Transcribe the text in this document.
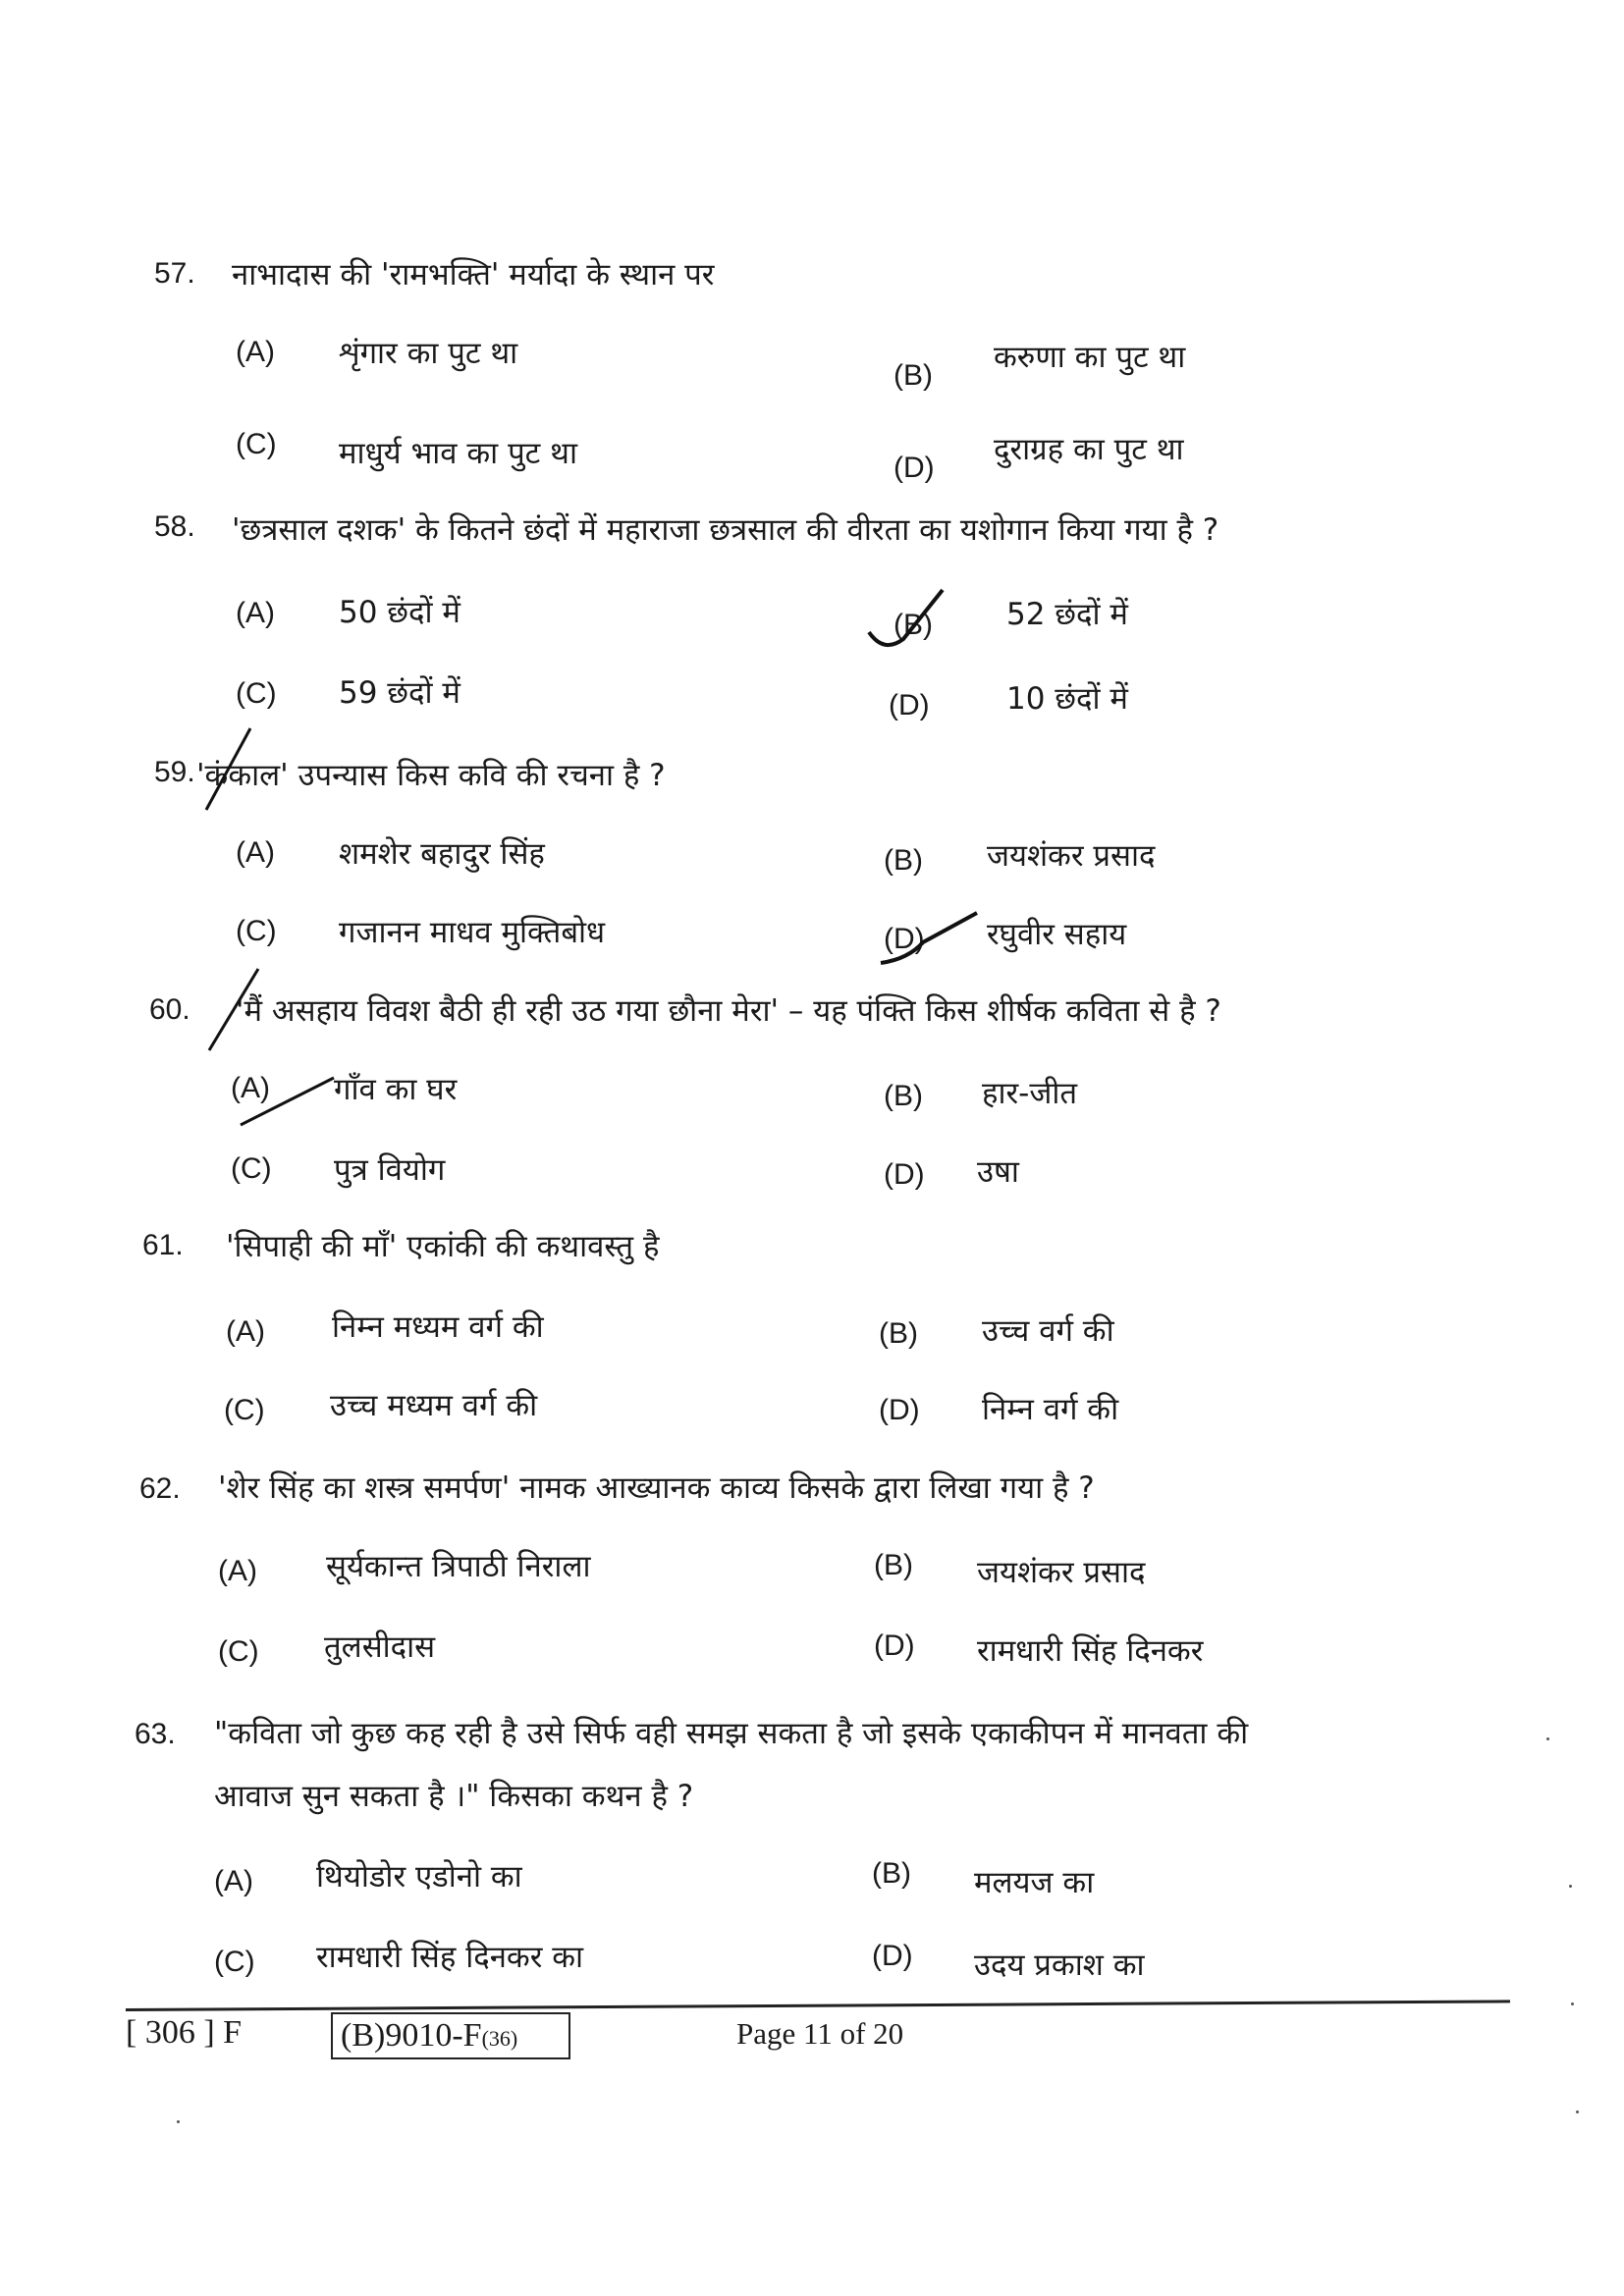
57. नाभादास की 'रामभक्ति' मर्यादा के स्थान पर
(A) शृंगार का पुट था
(B)
करुणा का पुट था
(C) माधुर्य भाव का पुट था	(D)
दुराग्रह का पुट था
58. 'छत्रसाल दशक' के कितने छंदों में महाराजा छत्रसाल की वीरता का यशोगान किया गया है ?
(A) 50 छंदों में	(B) 52 छंदों में
(C) 59 छंदों में	(D)	10 छंदों में
59. 'कंकाल' उपन्यास किस कवि की रचना है ?
(A) शमशेर बहादुर सिंह	(B) जयशंकर प्रसाद
(C) गजानन माधव मुक्तिबोध	(D) रघुवीर सहाय
60. 'मैं असहाय विवश बैठी ही रही उठ गया छौना मेरा' – यह पंक्ति किस शीर्षक कविता से है ?
(A) गाँव का घर	(B) हार-जीत
(C) पुत्र वियोग	(D) उषा
61. 'सिपाही की माँ' एकांकी की कथावस्तु है
(A) निम्न मध्यम वर्ग की	(B) उच्च वर्ग की
(C) उच्च मध्यम वर्ग की	(D) निम्न वर्ग की
62. 'शेर सिंह का शस्त्र समर्पण' नामक आख्यानक काव्य किसके द्वारा लिखा गया है ?
(A) सूर्यकान्त त्रिपाठी निराला	(B) जयशंकर प्रसाद
(C) तुलसीदास	(D) रामधारी सिंह दिनकर
63. "कविता जो कुछ कह रही है उसे सिर्फ वही समझ सकता है जो इसके एकाकीपन में मानवता की
आवाज सुन सकता है ।" किसका कथन है ?
(A) थियोडोर एडोनो का	(B) मलयज का
(C) रामधारी सिंह दिनकर का	(D) उदय प्रकाश का
[ 306 ] F	(B)9010-F(36)	Page 11 of 20
